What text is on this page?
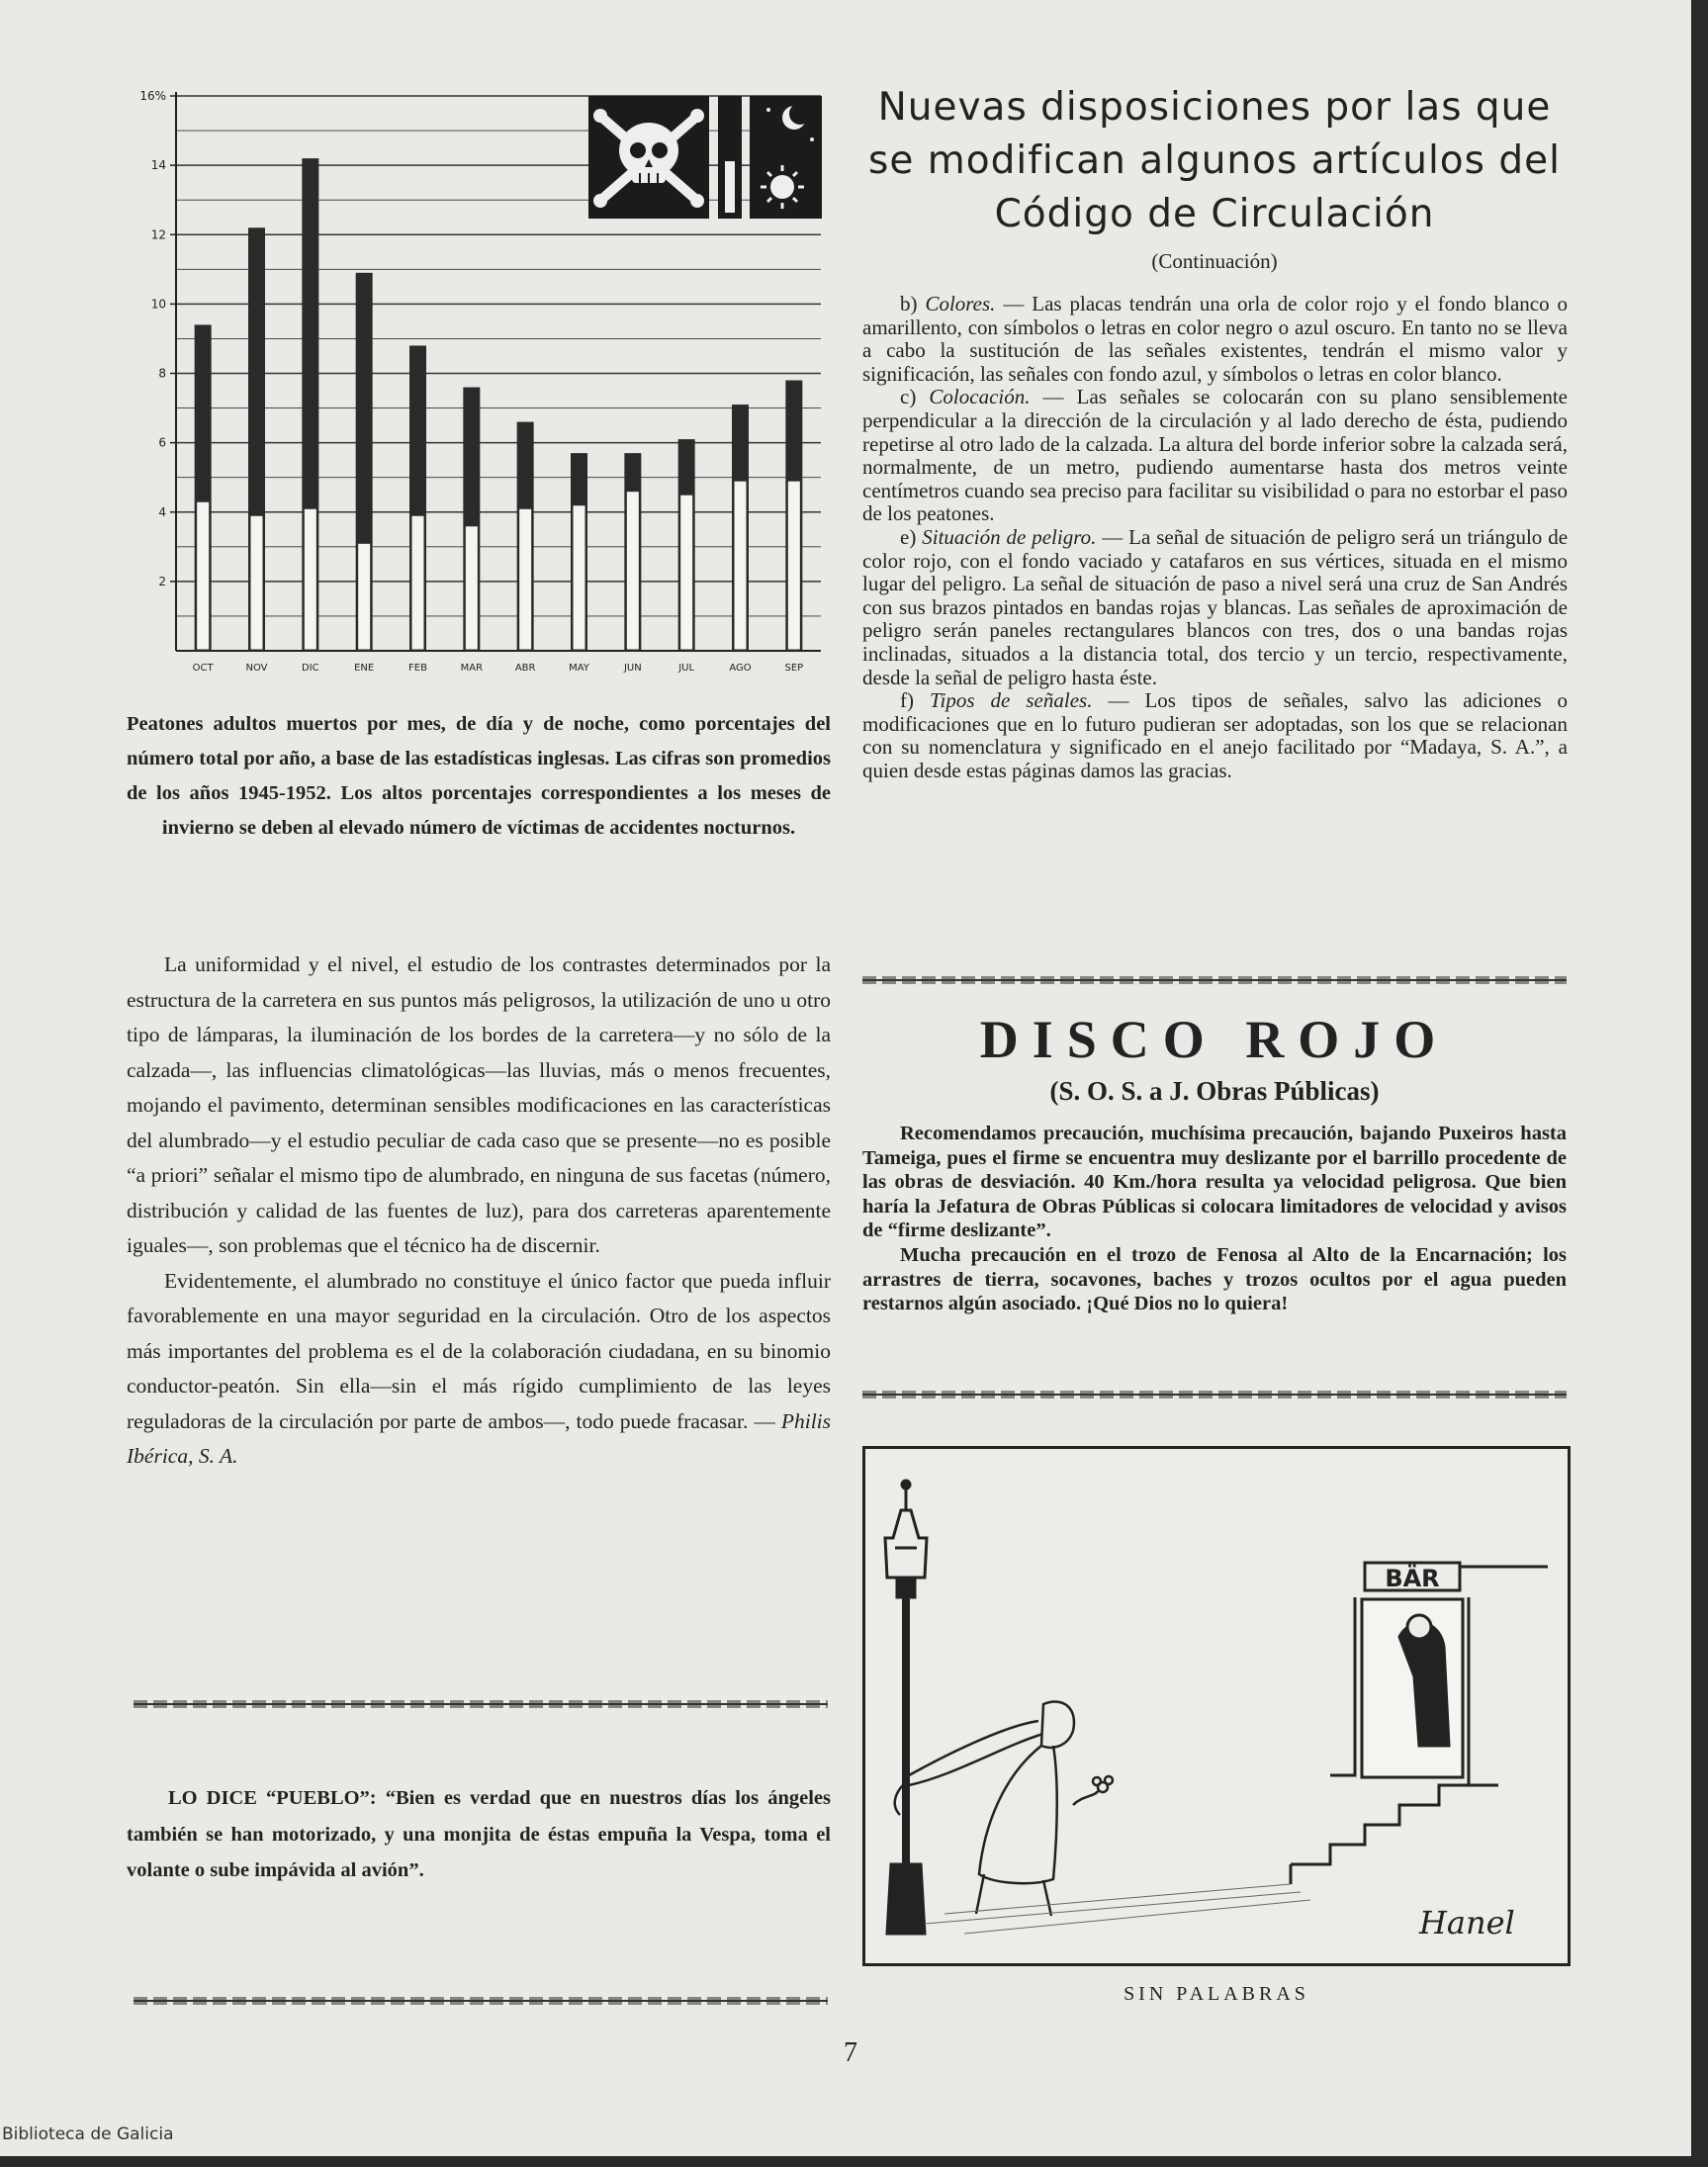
2
4
6
8
10
12
14
16%
OCT	NOV	DIC	ENE	FEB	MAR	ABR	MAY	JUN	JUL	AGO	SEP
Peatones adultos muertos por mes, de día y de noche, como porcentajes del número total por año, a base de las estadísticas inglesas. Las cifras son promedios de los años 1945-1952. Los altos porcentajes correspondientes a los meses de invierno se deben al elevado número de víctimas de accidentes nocturnos.

La uniformidad y el nivel, el estudio de los contrastes determinados por la estructura de la carretera en sus puntos más peligrosos, la utilización de uno u otro tipo de lámparas, la iluminación de los bordes de la carretera—y no sólo de la calzada—, las influencias climatológicas—las lluvias, más o menos frecuentes, mojando el pavimento, determinan sensibles modificaciones en las características del alumbrado—y el estudio peculiar de cada caso que se presente—no es posible “a priori” señalar el mismo tipo de alumbrado, en ninguna de sus facetas (número, distribución y calidad de las fuentes de luz), para dos carreteras aparentemente iguales—, son problemas que el técnico ha de discernir.

Evidentemente, el alumbrado no constituye el único factor que pueda influir favorablemente en una mayor seguridad en la circulación. Otro de los aspectos más importantes del problema es el de la colaboración ciudadana, en su binomio conductor-peatón. Sin ella—sin el más rígido cumplimiento de las leyes reguladoras de la circulación por parte de ambos—, todo puede fracasar. — Philis Ibérica, S. A.

LO DICE “PUEBLO”: “Bien es verdad que en nuestros días los ángeles también se han motorizado, y una monjita de éstas empuña la Vespa, toma el volante o sube impávida al avión”.
Nuevas disposiciones por las que se modifican algunos artículos del Código de Circulación
(Continuación)

b) Colores. — Las placas tendrán una orla de color rojo y el fondo blanco o amarillento, con símbolos o letras en color negro o azul oscuro. En tanto no se lleva a cabo la sustitución de las señales existentes, tendrán el mismo valor y significación, las señales con fondo azul, y símbolos o letras en color blanco.

c) Colocación. — Las señales se colocarán con su plano sensiblemente perpendicular a la dirección de la circulación y al lado derecho de ésta, pudiendo repetirse al otro lado de la calzada. La altura del borde inferior sobre la calzada será, normalmente, de un metro, pudiendo aumentarse hasta dos metros veinte centímetros cuando sea preciso para facilitar su visibilidad o para no estorbar el paso de los peatones.

e) Situación de peligro. — La señal de situación de peligro será un triángulo de color rojo, con el fondo vaciado y catafaros en sus vértices, situada en el mismo lugar del peligro. La señal de situación de paso a nivel será una cruz de San Andrés con sus brazos pintados en bandas rojas y blancas. Las señales de aproximación de peligro serán paneles rectangulares blancos con tres, dos o una bandas rojas inclinadas, situados a la distancia total, dos tercio y un tercio, respectivamente, desde la señal de peligro hasta éste.

f) Tipos de señales. — Los tipos de señales, salvo las adiciones o modificaciones que en lo futuro pudieran ser adoptadas, son los que se relacionan con su nomenclatura y significado en el anejo facilitado por “Madaya, S. A.”, a quien desde estas páginas damos las gracias.

DISCO ROJO
(S. O. S. a J. Obras Públicas)

Recomendamos precaución, muchísima precaución, bajando Puxeiros hasta Tameiga, pues el firme se encuentra muy deslizante por el barrillo procedente de las obras de desviación. 40 Km./hora resulta ya velocidad peligrosa. Que bien haría la Jefatura de Obras Públicas si colocara limitadores de velocidad y avisos de “firme deslizante”.

Mucha precaución en el trozo de Fenosa al Alto de la Encarnación; los arrastres de tierra, socavones, baches y trozos ocultos por el agua pueden restarnos algún asociado. ¡Qué Dios no lo quiera!

BÄR
Hanel
SIN PALABRAS
7
Biblioteca de Galicia
